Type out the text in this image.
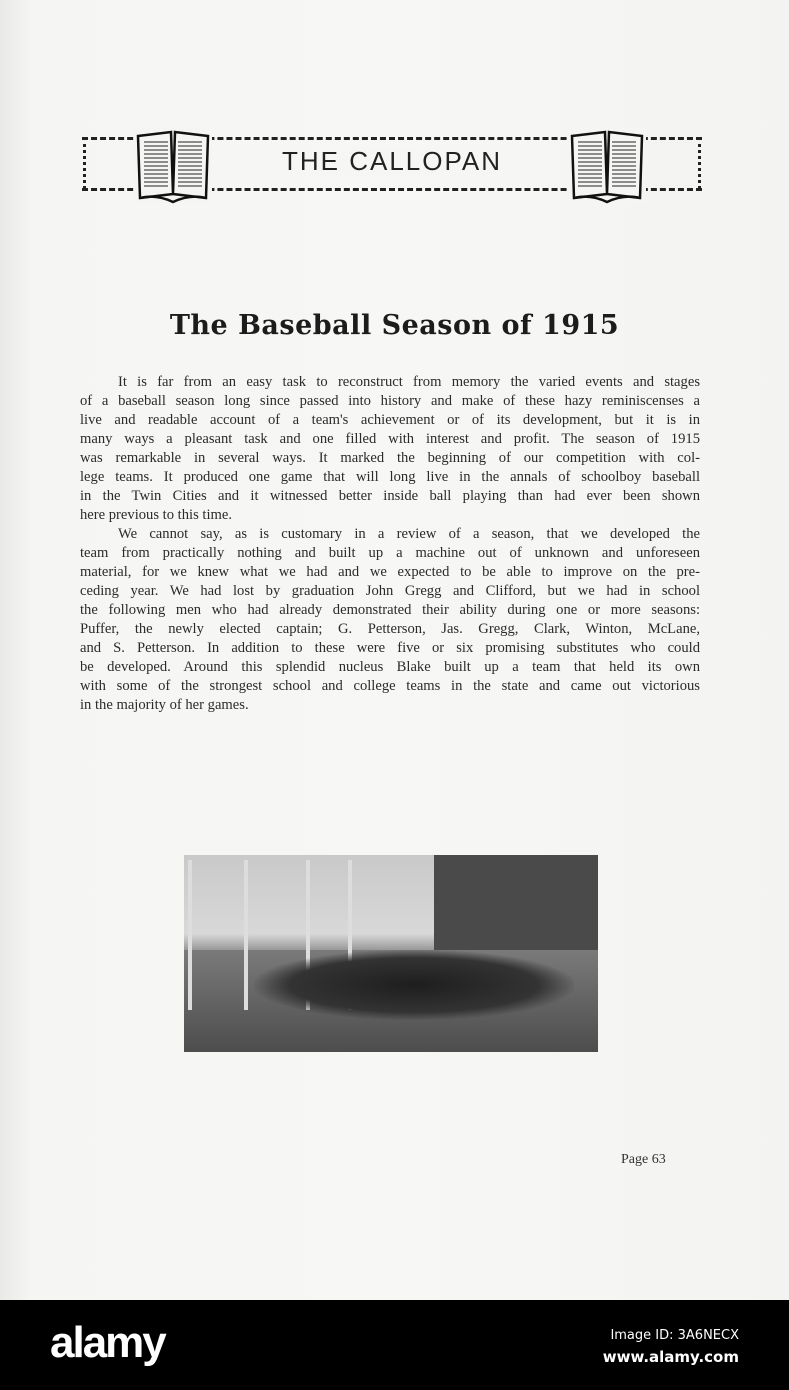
THE CALLOPAN
The Baseball Season of 1915
It is far from an easy task to reconstruct from memory the varied events and stages
of a baseball season long since passed into history and make of these hazy reminiscenses a
live and readable account of a team's achievement or of its development, but it is in
many ways a pleasant task and one filled with interest and profit. The season of 1915
was remarkable in several ways. It marked the beginning of our competition with col-
lege teams. It produced one game that will long live in the annals of schoolboy baseball
in the Twin Cities and it witnessed better inside ball playing than had ever been shown
here previous to this time.
We cannot say, as is customary in a review of a season, that we developed the
team from practically nothing and built up a machine out of unknown and unforeseen
material, for we knew what we had and we expected to be able to improve on the pre-
ceding year. We had lost by graduation John Gregg and Clifford, but we had in school
the following men who had already demonstrated their ability during one or more seasons:
Puffer, the newly elected captain; G. Petterson, Jas. Gregg, Clark, Winton, McLane,
and S. Petterson. In addition to these were five or six promising substitutes who could
be developed. Around this splendid nucleus Blake built up a team that held its own
with some of the strongest school and college teams in the state and came out victorious
in the majority of her games.
Page 63
alamy	Image ID: 3A6NECX
www.alamy.com
